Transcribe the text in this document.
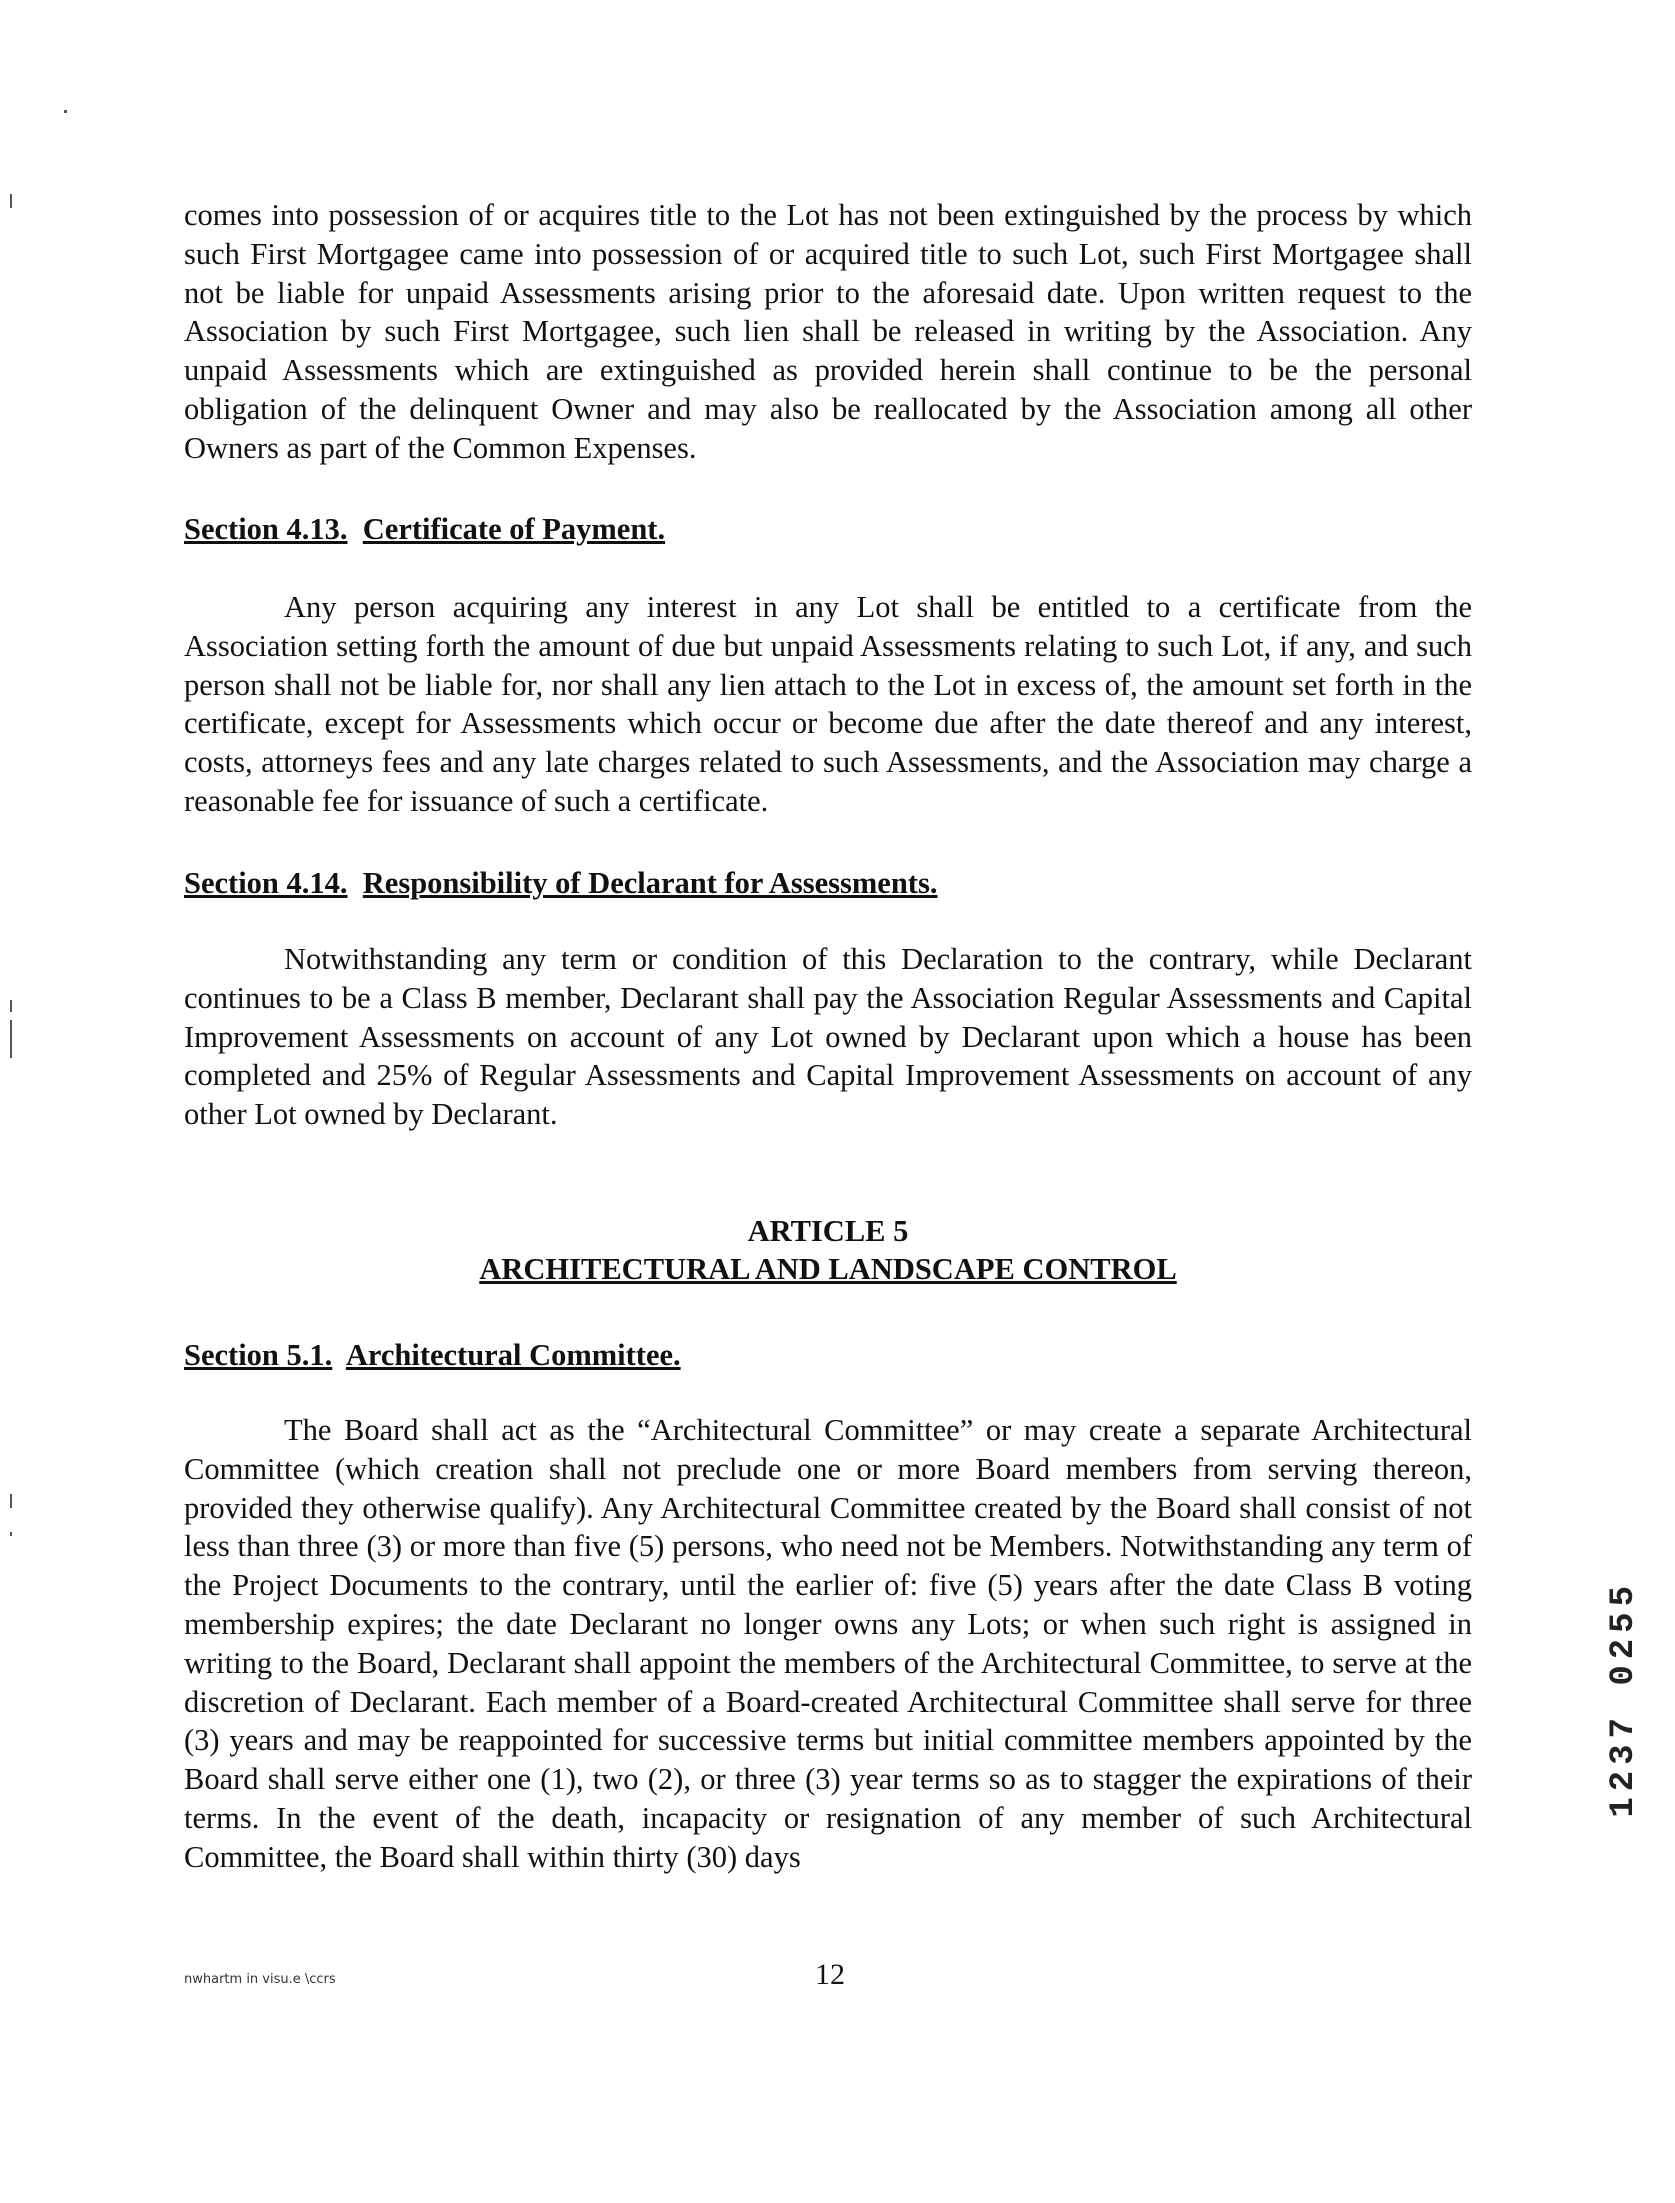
comes into possession of or acquires title to the Lot has not been extinguished by the process by which such First Mortgagee came into possession of or acquired title to such Lot, such First Mortgagee shall not be liable for unpaid Assessments arising prior to the aforesaid date. Upon written request to the Association by such First Mortgagee, such lien shall be released in writing by the Association. Any unpaid Assessments which are extinguished as provided herein shall continue to be the personal obligation of the delinquent Owner and may also be reallocated by the Association among all other Owners as part of the Common Expenses.

Section 4.13. Certificate of Payment.

Any person acquiring any interest in any Lot shall be entitled to a certificate from the Association setting forth the amount of due but unpaid Assessments relating to such Lot, if any, and such person shall not be liable for, nor shall any lien attach to the Lot in excess of, the amount set forth in the certificate, except for Assessments which occur or become due after the date thereof and any interest, costs, attorneys fees and any late charges related to such Assessments, and the Association may charge a reasonable fee for issuance of such a certificate.

Section 4.14. Responsibility of Declarant for Assessments.

Notwithstanding any term or condition of this Declaration to the contrary, while Declarant continues to be a Class B member, Declarant shall pay the Association Regular Assessments and Capital Improvement Assessments on account of any Lot owned by Declarant upon which a house has been completed and 25% of Regular Assessments and Capital Improvement Assessments on account of any other Lot owned by Declarant.

ARTICLE 5
ARCHITECTURAL AND LANDSCAPE CONTROL
Section 5.1. Architectural Committee.

The Board shall act as the “Architectural Committee” or may create a separate Architectural Committee (which creation shall not preclude one or more Board members from serving thereon, provided they otherwise qualify). Any Architectural Committee created by the Board shall consist of not less than three (3) or more than five (5) persons, who need not be Members. Notwithstanding any term of the Project Documents to the contrary, until the earlier of: five (5) years after the date Class B voting membership expires; the date Declarant no longer owns any Lots; or when such right is assigned in writing to the Board, Declarant shall appoint the members of the Architectural Committee, to serve at the discretion of Declarant. Each member of a Board-created Architectural Committee shall serve for three (3) years and may be reappointed for successive terms but initial committee members appointed by the Board shall serve either one (1), two (2), or three (3) year terms so as to stagger the expirations of their terms. In the event of the death, incapacity or resignation of any member of such Architectural Committee, the Board shall within thirty (30) days

12
nwhartm in visu.e \ccrs
1237 0255
